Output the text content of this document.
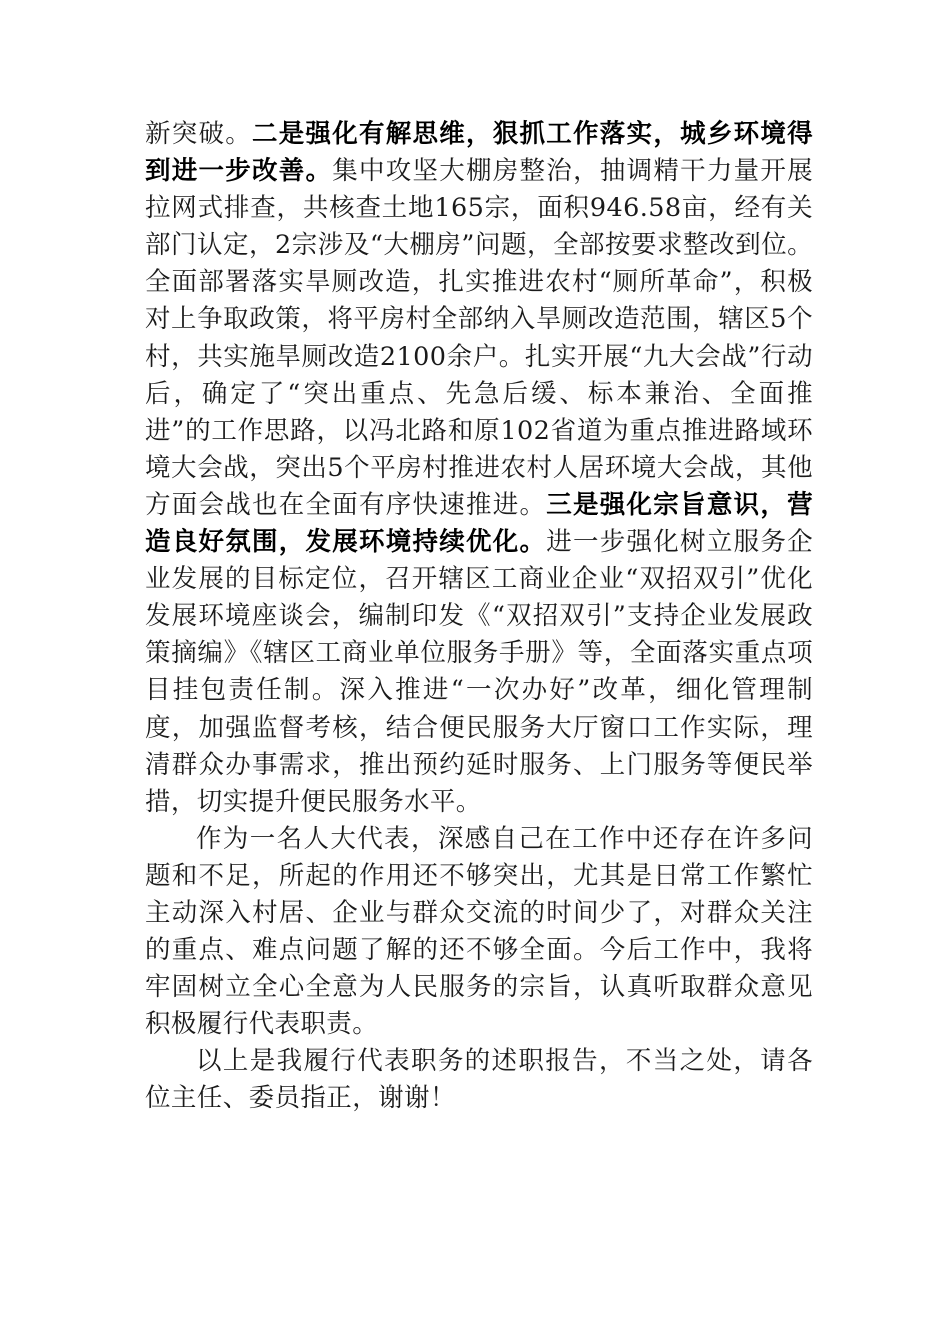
新突破。二是强化有解思维，狠抓工作落实，城乡环境得到进一步改善。集中攻坚大棚房整治，抽调精干力量开展拉网式排查，共核查土地165宗，面积946.58亩，经有关部门认定，2宗涉及“大棚房”问题，全部按要求整改到位。全面部署落实旱厕改造，扎实推进农村“厕所革命”，积极对上争取政策，将平房村全部纳入旱厕改造范围，辖区5个村，共实施旱厕改造2100余户。扎实开展“九大会战”行动后，确定了“突出重点、先急后缓、标本兼治、全面推进”的工作思路，以冯北路和原102省道为重点推进路域环境大会战，突出5个平房村推进农村人居环境大会战，其他方面会战也在全面有序快速推进。三是强化宗旨意识，营造良好氛围，发展环境持续优化。进一步强化树立服务企业发展的目标定位，召开辖区工商业企业“双招双引”优化发展环境座谈会，编制印发《“双招双引”支持企业发展政策摘编》《辖区工商业单位服务手册》等，全面落实重点项目挂包责任制。深入推进“一次办好”改革，细化管理制度，加强监督考核，结合便民服务大厅窗口工作实际，理清群众办事需求，推出预约延时服务、上门服务等便民举措，切实提升便民服务水平。

作为一名人大代表，深感自己在工作中还存在许多问题和不足，所起的作用还不够突出，尤其是日常工作繁忙主动深入村居、企业与群众交流的时间少了，对群众关注的重点、难点问题了解的还不够全面。今后工作中，我将牢固树立全心全意为人民服务的宗旨，认真听取群众意见积极履行代表职责。

以上是我履行代表职务的述职报告，不当之处，请各位主任、委员指正，谢谢！
